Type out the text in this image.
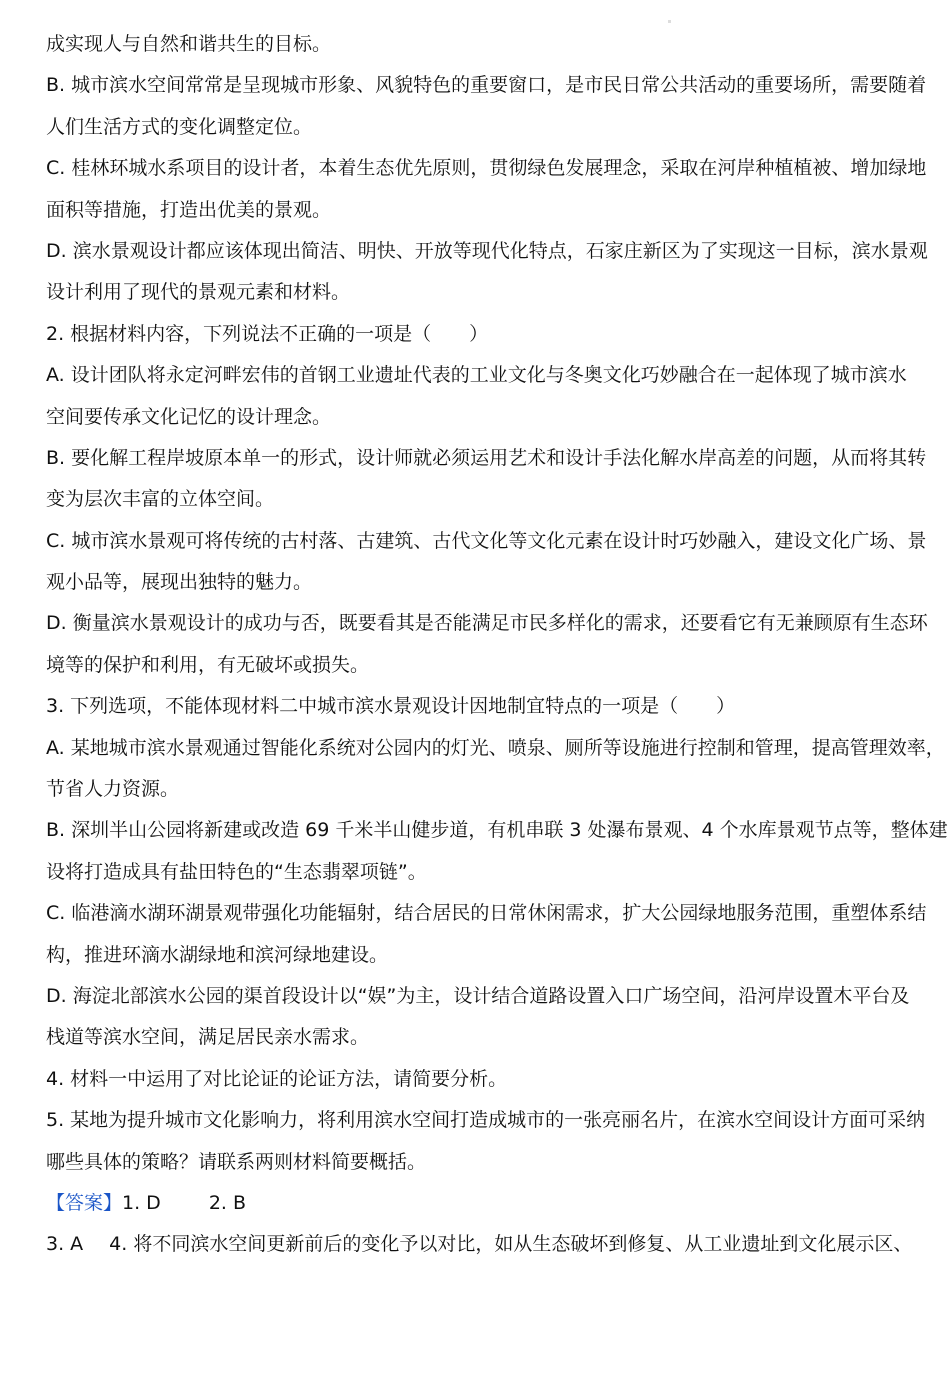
成实现人与自然和谐共生的目标。
B. 城市滨水空间常常是呈现城市形象、风貌特色的重要窗口，是市民日常公共活动的重要场所，需要随着
人们生活方式的变化调整定位。
C. 桂林环城水系项目的设计者，本着生态优先原则，贯彻绿色发展理念，采取在河岸种植植被、增加绿地
面积等措施，打造出优美的景观。
D. 滨水景观设计都应该体现出简洁、明快、开放等现代化特点，石家庄新区为了实现这一目标，滨水景观
设计利用了现代的景观元素和材料。
2. 根据材料内容，下列说法不正确的一项是（　　）
A. 设计团队将永定河畔宏伟的首钢工业遗址代表的工业文化与冬奥文化巧妙融合在一起体现了城市滨水
空间要传承文化记忆的设计理念。
B. 要化解工程岸坡原本单一的形式，设计师就必须运用艺术和设计手法化解水岸高差的问题，从而将其转
变为层次丰富的立体空间。
C. 城市滨水景观可将传统的古村落、古建筑、古代文化等文化元素在设计时巧妙融入，建设文化广场、景
观小品等，展现出独特的魅力。
D. 衡量滨水景观设计的成功与否，既要看其是否能满足市民多样化的需求，还要看它有无兼顾原有生态环
境等的保护和利用，有无破坏或损失。
3. 下列选项，不能体现材料二中城市滨水景观设计因地制宜特点的一项是（　　）
A. 某地城市滨水景观通过智能化系统对公园内的灯光、喷泉、厕所等设施进行控制和管理，提高管理效率，
节省人力资源。
B. 深圳半山公园将新建或改造 69 千米半山健步道，有机串联 3 处瀑布景观、4 个水库景观节点等，整体建
设将打造成具有盐田特色的“生态翡翠项链”。
C. 临港滴水湖环湖景观带强化功能辐射，结合居民的日常休闲需求，扩大公园绿地服务范围，重塑体系结
构，推进环滴水湖绿地和滨河绿地建设。
D. 海淀北部滨水公园的渠首段设计以“娱”为主，设计结合道路设置入口广场空间，沿河岸设置木平台及
栈道等滨水空间，满足居民亲水需求。
4. 材料一中运用了对比论证的论证方法，请简要分析。
5. 某地为提升城市文化影响力，将利用滨水空间打造成城市的一张亮丽名片，在滨水空间设计方面可采纳
哪些具体的策略？请联系两则材料简要概括。
【答案】1. D	2. B
3. A 4. 将不同滨水空间更新前后的变化予以对比，如从生态破坏到修复、从工业遗址到文化展示区、
